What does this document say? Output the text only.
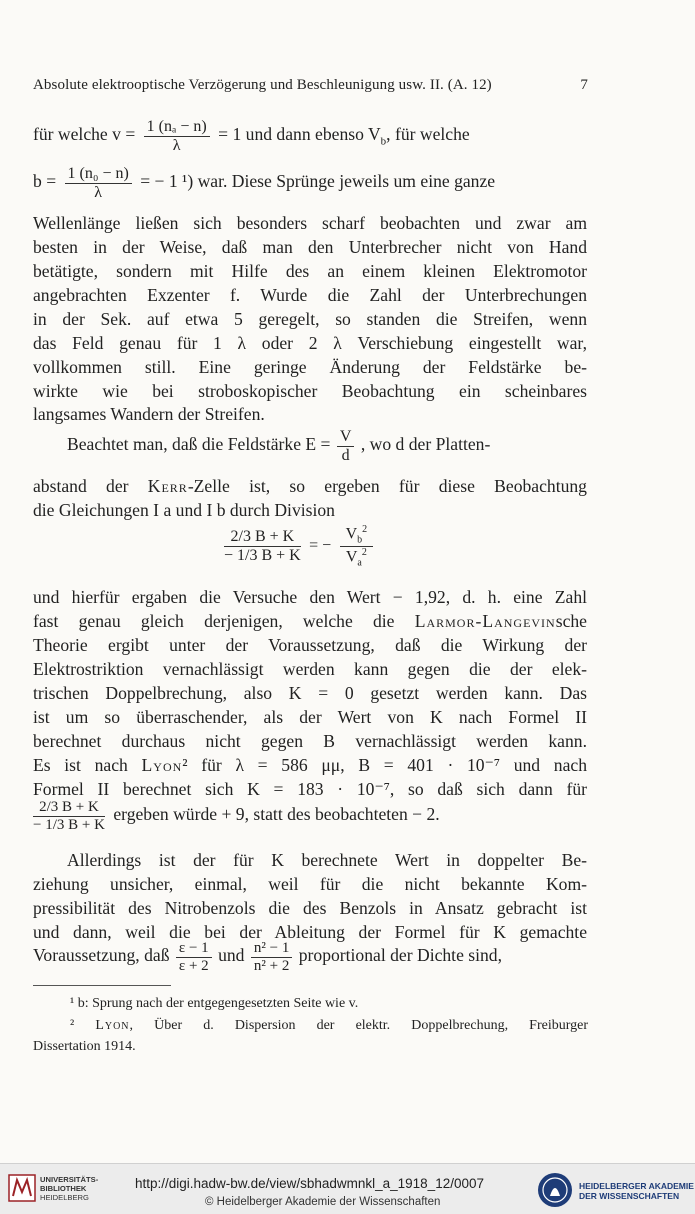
Absolute elektrooptische Verzögerung und Beschleunigung usw. II. (A. 12)	7
für welche $v = \frac{\text{1 (nₐ − n)}}{\lambda} = 1$ und dann ebenso $V_b$, für welche
$b = \frac{\text{1 (n₀ − n)}}{\lambda}$ = − 1 ¹) war. Diese Sprünge jeweils um eine ganze
Wellenlänge ließen sich besonders scharf beobachten und zwar am
besten in der Weise, daß man den Unterbrecher nicht von Hand
betätigte, sondern mit Hilfe des an einem kleinen Elektromotor
angebrachten Exzenter f. Wurde die Zahl der Unterbrechungen
in der Sek. auf etwa 5 geregelt, so standen die Streifen, wenn
das Feld genau für 1 λ oder 2 λ Verschiebung eingestellt war,
vollkommen still. Eine geringe Änderung der Feldstärke be-
wirkte wie bei stroboskopischer Beobachtung ein scheinbares
langsames Wandern der Streifen.
Beachtet man, daß die Feldstärke $E = \frac{V}{d}$ , wo d der Platten-
abstand der Kerr-Zelle ist, so ergeben für diese Beobachtung
die Gleichungen I a und I b durch Division
$\frac{2/3 B + K}{- 1/3 B + K}$ = − $\frac{V_b^2}{V_a^2}$
und hierfür ergaben die Versuche den Wert − 1,92, d. h. eine Zahl
fast genau gleich derjenigen, welche die Larmor-Langevinsche
Theorie ergibt unter der Voraussetzung, daß die Wirkung der
Elektrostriktion vernachlässigt werden kann gegen die der elek-
trischen Doppelbrechung, also K = 0 gesetzt werden kann. Das
ist um so überraschender, als der Wert von K nach Formel II
berechnet durchaus nicht gegen B vernachlässigt werden kann.
Es ist nach Lyon² für λ = 586 μμ, B = 401 · 10⁻⁷ und nach
Formel II berechnet sich K = 183 · 10⁻⁷, so daß sich dann für
$\frac{2/3 B + K}{- 1/3 B + K}$ ergeben würde + 9, statt des beobachteten − 2.
Allerdings ist der für K berechnete Wert in doppelter Be-
ziehung unsicher, einmal, weil für die nicht bekannte Kom-
pressibilität des Nitrobenzols die des Benzols in Ansatz gebracht ist
und dann, weil die bei der Ableitung der Formel für K gemachte
Voraussetzung, daß $\frac{\varepsilon - 1}{\varepsilon + 2}$ und $\frac{\text{n² − 1}}{\text{n² + 2}}$ proportional der Dichte sind,
¹ b: Sprung nach der entgegengesetzten Seite wie v.
² Lyon, Über d. Dispersion der elektr. Doppelbrechung, Freiburger
Dissertation 1914.
UNIVERSITÄTS-
BIBLIOTHEK
HEIDELBERG
http://digi.hadw-bw.de/view/sbhadwmnkl_a_1918_12/0007
© Heidelberger Akademie der Wissenschaften
HEIDELBERGER AKADEMIE
DER WISSENSCHAFTEN
